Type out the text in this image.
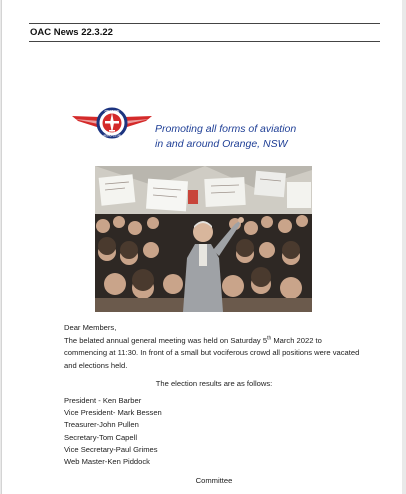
OAC News 22.3.22
ORANGE
AERO CLUB
Promoting all forms of aviation
in and around Orange, NSW

Dear Members,

The belated annual general meeting was held on Saturday 5th March 2022 to commencing at 11:30. In front of a small but vociferous crowd all positions were vacated and elections held.

The election results are as follows:

President - Ken Barber
Vice President- Mark Bessen
Treasurer-John Pullen
Secretary-Tom Capell
Vice Secretary-Paul Grimes
Web Master-Ken Piddock
Committee
